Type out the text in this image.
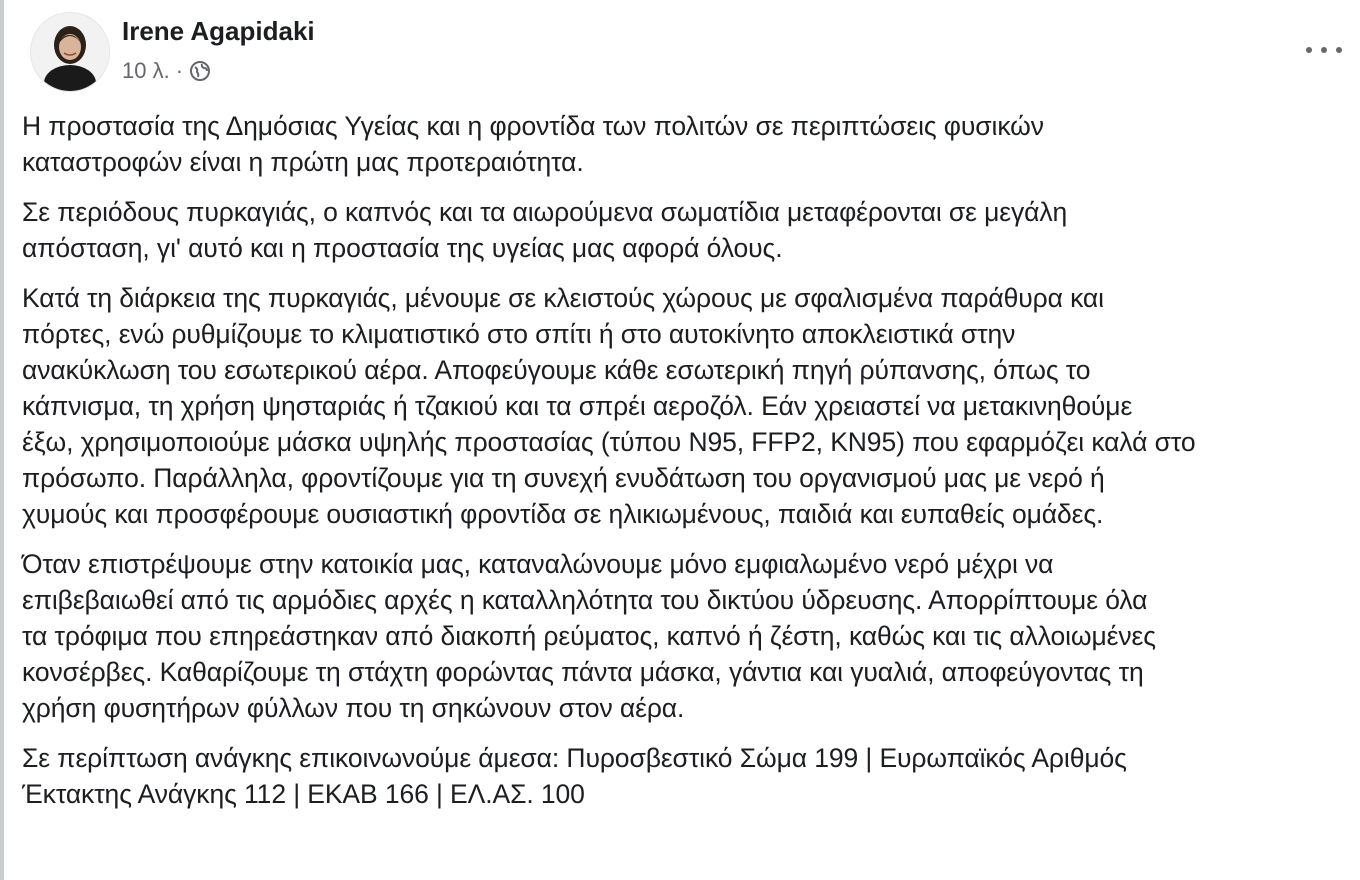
Irene Agapidaki
10 λ. ·

Η προστασία της Δημόσιας Υγείας και η φροντίδα των πολιτών σε περιπτώσεις φυσικών
καταστροφών είναι η πρώτη μας προτεραιότητα.

Σε περιόδους πυρκαγιάς, ο καπνός και τα αιωρούμενα σωματίδια μεταφέρονται σε μεγάλη
απόσταση, γι' αυτό και η προστασία της υγείας μας αφορά όλους.

Κατά τη διάρκεια της πυρκαγιάς, μένουμε σε κλειστούς χώρους με σφαλισμένα παράθυρα και
πόρτες, ενώ ρυθμίζουμε το κλιματιστικό στο σπίτι ή στο αυτοκίνητο αποκλειστικά στην
ανακύκλωση του εσωτερικού αέρα. Αποφεύγουμε κάθε εσωτερική πηγή ρύπανσης, όπως το
κάπνισμα, τη χρήση ψησταριάς ή τζακιού και τα σπρέι αεροζόλ. Εάν χρειαστεί να μετακινηθούμε
έξω, χρησιμοποιούμε μάσκα υψηλής προστασίας (τύπου N95, FFP2, KN95) που εφαρμόζει καλά στο
πρόσωπο. Παράλληλα, φροντίζουμε για τη συνεχή ενυδάτωση του οργανισμού μας με νερό ή
χυμούς και προσφέρουμε ουσιαστική φροντίδα σε ηλικιωμένους, παιδιά και ευπαθείς ομάδες.

Όταν επιστρέψουμε στην κατοικία μας, καταναλώνουμε μόνο εμφιαλωμένο νερό μέχρι να
επιβεβαιωθεί από τις αρμόδιες αρχές η καταλληλότητα του δικτύου ύδρευσης. Απορρίπτουμε όλα
τα τρόφιμα που επηρεάστηκαν από διακοπή ρεύματος, καπνό ή ζέστη, καθώς και τις αλλοιωμένες
κονσέρβες. Καθαρίζουμε τη στάχτη φορώντας πάντα μάσκα, γάντια και γυαλιά, αποφεύγοντας τη
χρήση φυσητήρων φύλλων που τη σηκώνουν στον αέρα.

Σε περίπτωση ανάγκης επικοινωνούμε άμεσα: Πυροσβεστικό Σώμα 199 | Ευρωπαϊκός Αριθμός
Έκτακτης Ανάγκης 112 | ΕΚΑΒ 166 | ΕΛ.ΑΣ. 100
